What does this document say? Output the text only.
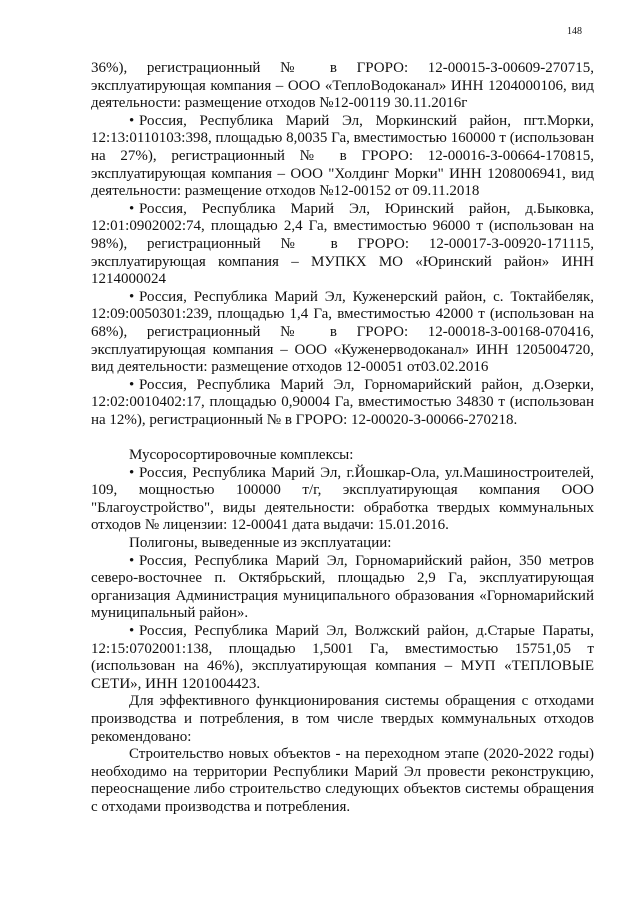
148

36%), регистрационный № в ГРОРО: 12-00015-З-00609-270715, эксплуатирующая компания – ООО «ТеплоВодоканал» ИНН 1204000106, вид деятельности: размещение отходов №12-00119 30.11.2016г

• Россия, Республика Марий Эл, Моркинский район, пгт.Морки, 12:13:0110103:398, площадью 8,0035 Га, вместимостью 160000 т (использован на 27%), регистрационный № в ГРОРО: 12-00016-З-00664-170815, эксплуатирующая компания – ООО "Холдинг Морки" ИНН 1208006941, вид деятельности: размещение отходов №12-00152 от 09.11.2018

• Россия, Республика Марий Эл, Юринский район, д.Быковка, 12:01:0902002:74, площадью 2,4 Га, вместимостью 96000 т (использован на 98%), регистрационный № в ГРОРО: 12-00017-З-00920-171115, эксплуатирующая компания – МУПКХ МО «Юринский район» ИНН 1214000024

• Россия, Республика Марий Эл, Куженерский район, с. Токтайбеляк, 12:09:0050301:239, площадью 1,4 Га, вместимостью 42000 т (использован на 68%), регистрационный № в ГРОРО: 12-00018-З-00168-070416, эксплуатирующая компания – ООО «Куженерводоканал» ИНН 1205004720, вид деятельности: размещение отходов 12-00051 от03.02.2016

• Россия, Республика Марий Эл, Горномарийский район, д.Озерки, 12:02:0010402:17, площадью 0,90004 Га, вместимостью 34830 т (использован на 12%), регистрационный № в ГРОРО: 12-00020-З-00066-270218.

Мусоросортировочные комплексы:

• Россия, Республика Марий Эл, г.Йошкар-Ола, ул.Машиностроителей, 109, мощностью 100000 т/г, эксплуатирующая компания ООО "Благоустройство", виды деятельности: обработка твердых коммунальных отходов № лицензии: 12-00041 дата выдачи: 15.01.2016.

Полигоны, выведенные из эксплуатации:

• Россия, Республика Марий Эл, Горномарийский район, 350 метров северо-восточнее п. Октябрьский, площадью 2,9 Га, эксплуатирующая организация Администрация муниципального образования «Горномарийский муниципальный район».

• Россия, Республика Марий Эл, Волжский район, д.Старые Параты, 12:15:0702001:138, площадью 1,5001 Га, вместимостью 15751,05 т (использован на 46%), эксплуатирующая компания – МУП «ТЕПЛОВЫЕ СЕТИ», ИНН 1201004423.

Для эффективного функционирования системы обращения с отходами производства и потребления, в том числе твердых коммунальных отходов рекомендовано:

Строительство новых объектов - на переходном этапе (2020-2022 годы) необходимо на территории Республики Марий Эл провести реконструкцию, переоснащение либо строительство следующих объектов системы обращения с отходами производства и потребления.
